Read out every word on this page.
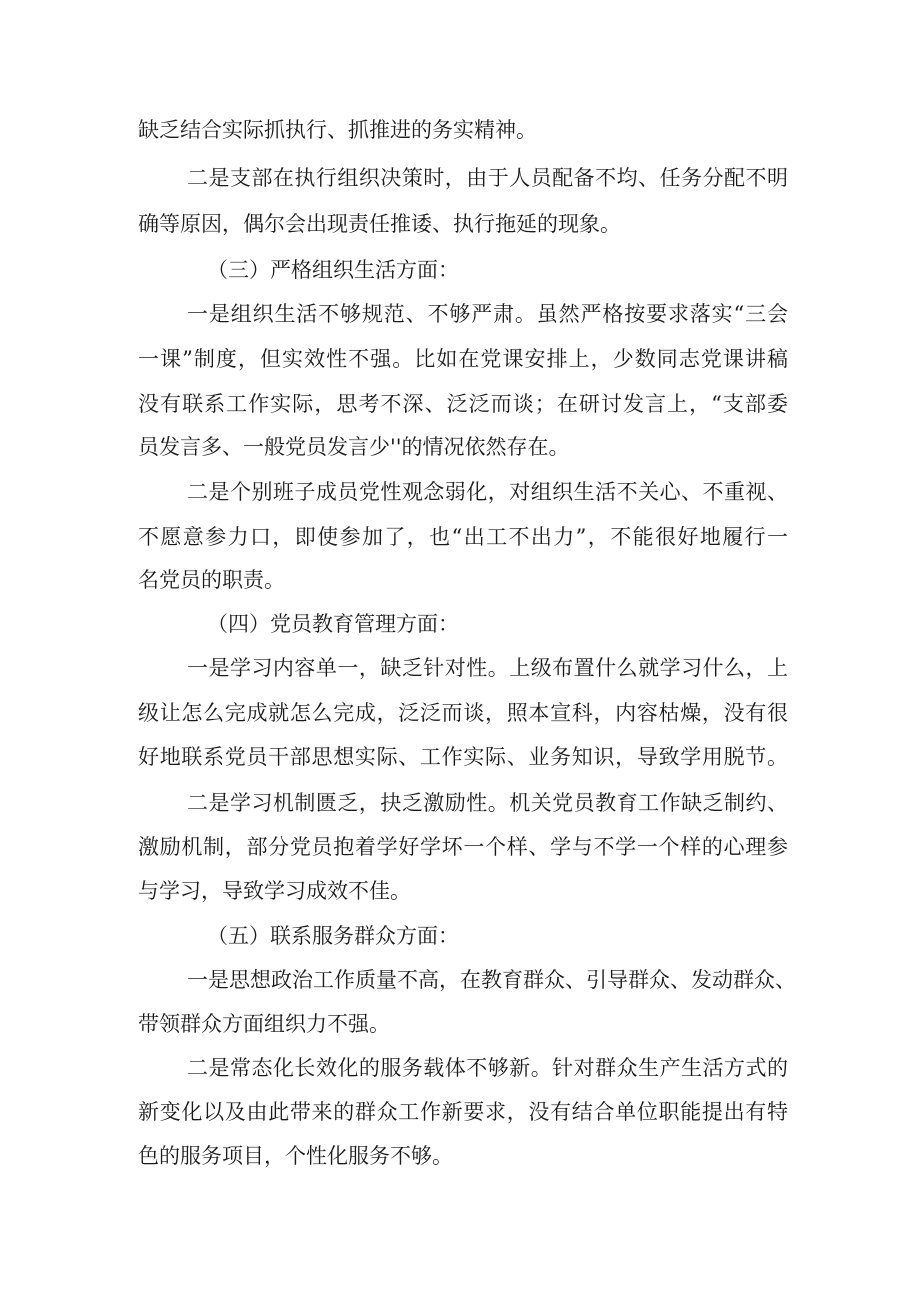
缺乏结合实际抓执行、抓推进的务实精神。
二是支部在执行组织决策时，由于人员配备不均、任务分配不明
确等原因，偶尔会出现责任推诿、执行拖延的现象。
（三）严格组织生活方面：
一是组织生活不够规范、不够严肃。虽然严格按要求落实“三会
一课”制度，但实效性不强。比如在党课安排上，少数同志党课讲稿
没有联系工作实际，思考不深、泛泛而谈；在研讨发言上，“支部委
员发言多、一般党员发言少''的情况依然存在。
二是个别班子成员党性观念弱化，对组织生活不关心、不重视、
不愿意参力口，即使参加了，也“出工不出力”，不能很好地履行一
名党员的职责。
（四）党员教育管理方面：
一是学习内容单一，缺乏针对性。上级布置什么就学习什么，上
级让怎么完成就怎么完成，泛泛而谈，照本宣科，内容枯燥，没有很
好地联系党员干部思想实际、工作实际、业务知识，导致学用脱节。
二是学习机制匮乏，抉乏激励性。机关党员教育工作缺乏制约、
激励机制，部分党员抱着学好学坏一个样、学与不学一个样的心理参
与学习，导致学习成效不佳。
（五）联系服务群众方面：
一是思想政治工作质量不高，在教育群众、引导群众、发动群众、
带领群众方面组织力不强。
二是常态化长效化的服务载体不够新。针对群众生产生活方式的
新变化以及由此带来的群众工作新要求，没有结合单位职能提出有特
色的服务项目，个性化服务不够。
